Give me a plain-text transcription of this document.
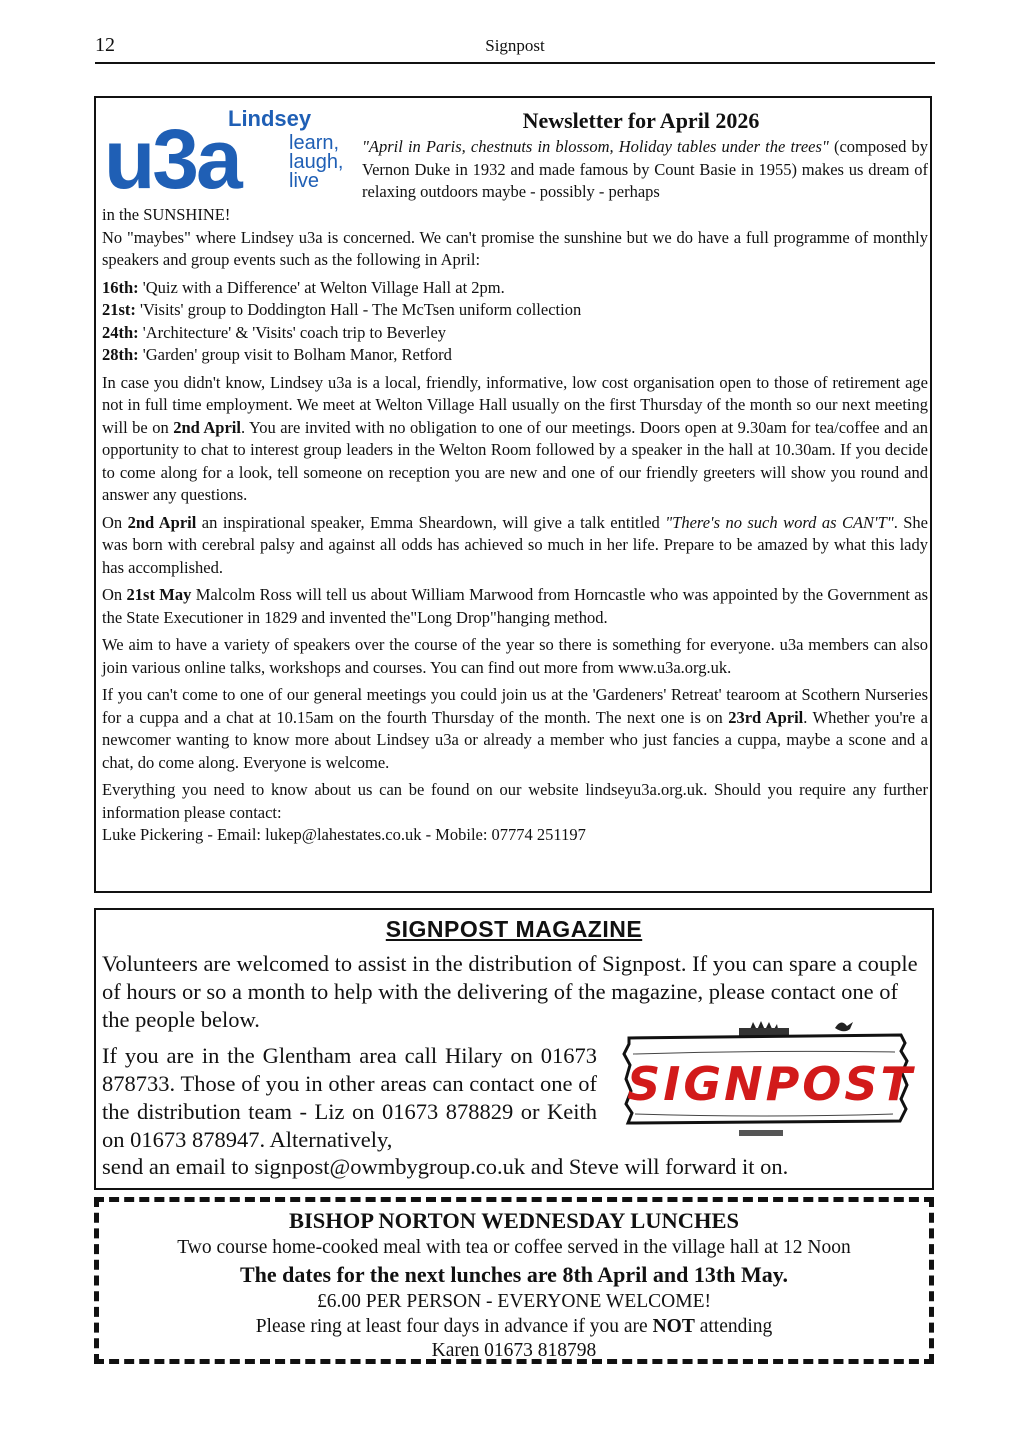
12	Signpost
Lindsey
u3a learn,
laugh,
live
Newsletter for April 2026
"April in Paris, chestnuts in blossom, Holiday tables under the trees" (composed by Vernon Duke in 1932 and made famous by Count Basie in 1955) makes us dream of relaxing outdoors maybe - possibly - perhaps
in the SUNSHINE!

No "maybes" where Lindsey u3a is concerned. We can't promise the sunshine but we do have a full programme of monthly speakers and group events such as the following in April:

16th: 'Quiz with a Difference' at Welton Village Hall at 2pm.
21st: 'Visits' group to Doddington Hall - The McTsen uniform collection
24th: 'Architecture' & 'Visits' coach trip to Beverley
28th: 'Garden' group visit to Bolham Manor, Retford

In case you didn't know, Lindsey u3a is a local, friendly, informative, low cost organisation open to those of retirement age not in full time employment. We meet at Welton Village Hall usually on the first Thursday of the month so our next meeting will be on 2nd April. You are invited with no obligation to one of our meetings. Doors open at 9.30am for tea/coffee and an opportunity to chat to interest group leaders in the Welton Room followed by a speaker in the hall at 10.30am. If you decide to come along for a look, tell someone on reception you are new and one of our friendly greeters will show you round and answer any questions.

On 2nd April an inspirational speaker, Emma Sheardown, will give a talk entitled "There's no such word as CAN'T". She was born with cerebral palsy and against all odds has achieved so much in her life. Prepare to be amazed by what this lady has accomplished.

On 21st May Malcolm Ross will tell us about William Marwood from Horncastle who was appointed by the Government as the State Executioner in 1829 and invented the"Long Drop"hanging method.

We aim to have a variety of speakers over the course of the year so there is something for everyone. u3a members can also join various online talks, workshops and courses. You can find out more from www.u3a.org.uk.

If you can't come to one of our general meetings you could join us at the 'Gardeners' Retreat' tearoom at Scothern Nurseries for a cuppa and a chat at 10.15am on the fourth Thursday of the month. The next one is on 23rd April. Whether you're a newcomer wanting to know more about Lindsey u3a or already a member who just fancies a cuppa, maybe a scone and a chat, do come along. Everyone is welcome.

Everything you need to know about us can be found on our website lindseyu3a.org.uk. Should you require any further information please contact:

Luke Pickering - Email: lukep@lahestates.co.uk - Mobile: 07774 251197
SIGNPOST MAGAZINE
Volunteers are welcomed to assist in the distribution of Signpost. If you can spare a couple of hours or so a month to help with the delivering of the magazine, please contact one of the people below.
If you are in the Glentham area call Hilary on 01673 878733. Those of you in other areas can contact one of the distribution team - Liz on 01673 878829 or Keith on 01673 878947. Alternatively,
send an email to signpost@owmbygroup.co.uk and Steve will forward it on.
SIGNPOST
BISHOP NORTON WEDNESDAY LUNCHES
Two course home-cooked meal with tea or coffee served in the village hall at 12 Noon
The dates for the next lunches are 8th April and 13th May.
£6.00 PER PERSON - EVERYONE WELCOME!
Please ring at least four days in advance if you are NOT attending
Karen 01673 818798
